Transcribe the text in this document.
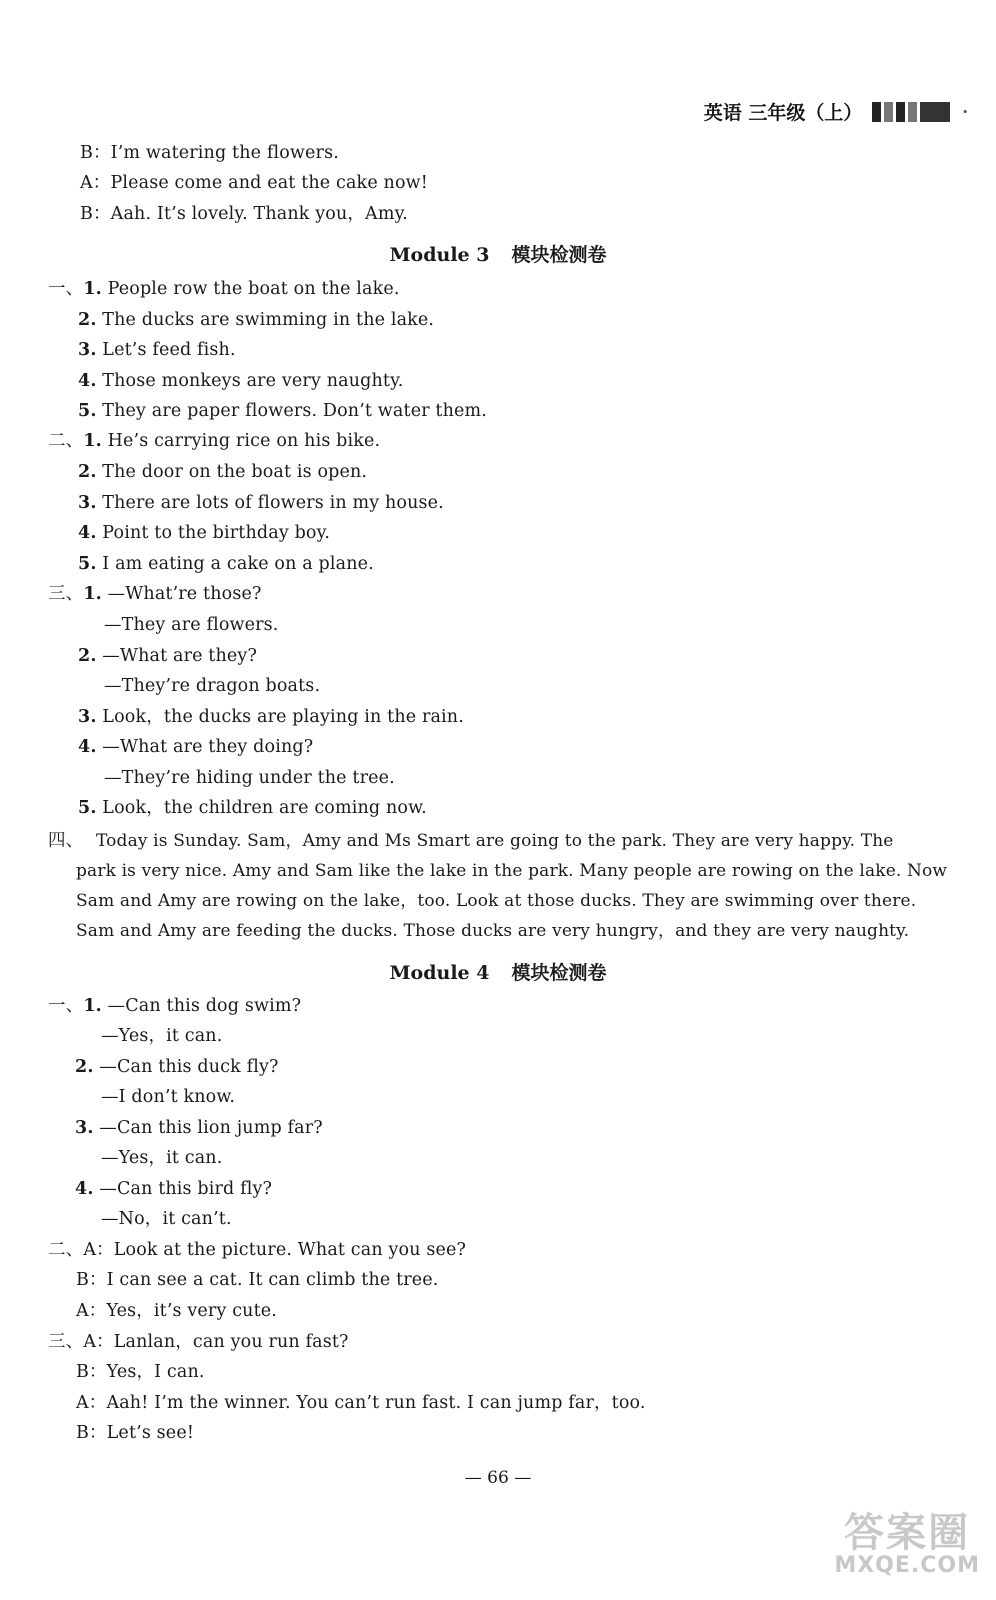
英语 三年级（上）	·
B：I’m watering the flowers.
A：Please come and eat the cake now!
B：Aah. It’s lovely. Thank you，Amy.
Module 3 模块检测卷
一、1. People row the boat on the lake.
2. The ducks are swimming in the lake.
3. Let’s feed fish.
4. Those monkeys are very naughty.
5. They are paper flowers. Don’t water them.
二、1. He’s carrying rice on his bike.
2. The door on the boat is open.
3. There are lots of flowers in my house.
4. Point to the birthday boy.
5. I am eating a cake on a plane.
三、1. —What’re those?
—They are flowers.
2. —What are they?
—They’re dragon boats.
3. Look，the ducks are playing in the rain.
4. —What are they doing?
—They’re hiding under the tree.
5. Look，the children are coming now.
四、 Today is Sunday. Sam，Amy and Ms Smart are going to the park. They are very happy. The
park is very nice. Amy and Sam like the lake in the park. Many people are rowing on the lake. Now
Sam and Amy are rowing on the lake，too. Look at those ducks. They are swimming over there.
Sam and Amy are feeding the ducks. Those ducks are very hungry，and they are very naughty.
Module 4 模块检测卷
一、1. —Can this dog swim?
—Yes，it can.
2. —Can this duck fly?
—I don’t know.
3. —Can this lion jump far?
—Yes，it can.
4. —Can this bird fly?
—No，it can’t.
二、A：Look at the picture. What can you see?
B：I can see a cat. It can climb the tree.
A：Yes，it’s very cute.
三、A：Lanlan，can you run fast?
B：Yes，I can.
A：Aah! I’m the winner. You can’t run fast. I can jump far，too.
B：Let’s see!
— 66 —
答案圈
MXQE.COM
